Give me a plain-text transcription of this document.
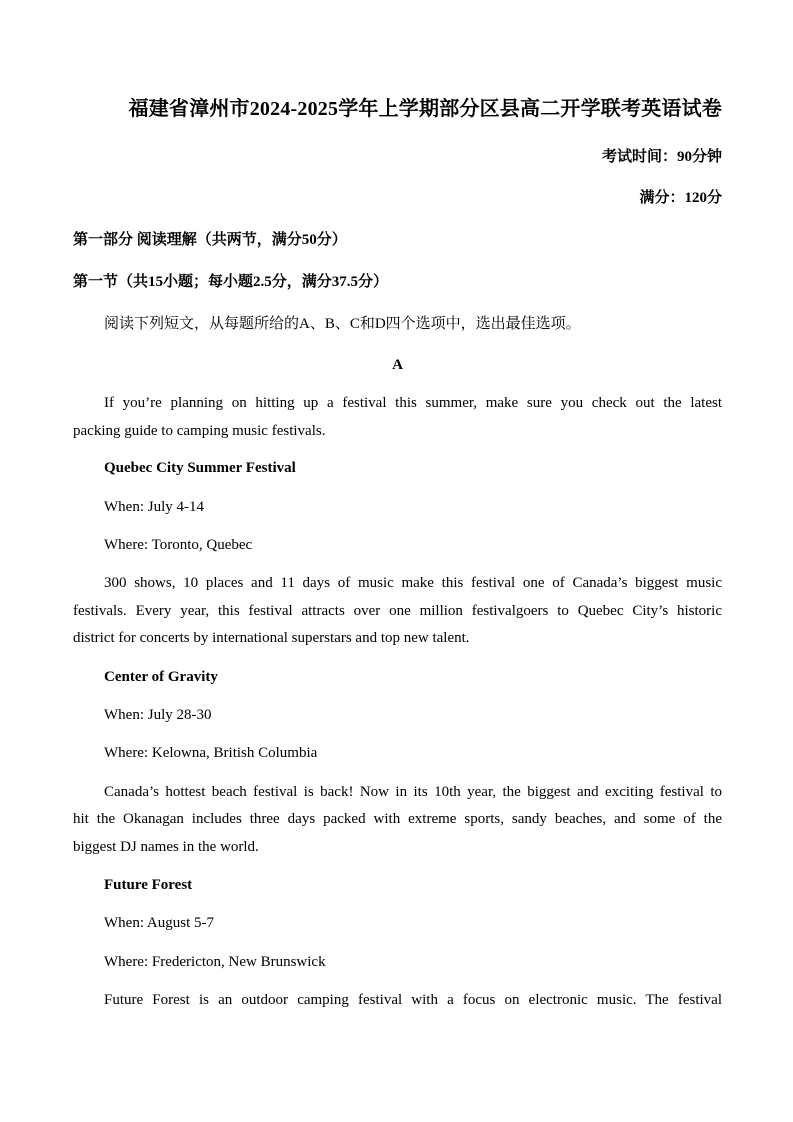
福建省漳州市2024-2025学年上学期部分区县高二开学联考英语试卷
考试时间：90分钟
满分：120分
第一部分 阅读理解（共两节，满分50分）
第一节（共15小题；每小题2.5分，满分37.5分）
阅读下列短文，从每题所给的A、B、C和D四个选项中，选出最佳选项。
A
If you’re planning on hitting up a festival this summer, make sure you check out the latest
packing guide to camping music festivals.
Quebec City Summer Festival
When: July 4-14
Where: Toronto, Quebec
300 shows, 10 places and 11 days of music make this festival one of Canada’s biggest music
festivals. Every year, this festival attracts over one million festivalgoers to Quebec City’s historic
district for concerts by international superstars and top new talent.
Center of Gravity
When: July 28-30
Where: Kelowna, British Columbia
Canada’s hottest beach festival is back! Now in its 10th year, the biggest and exciting festival to
hit the Okanagan includes three days packed with extreme sports, sandy beaches, and some of the
biggest DJ names in the world.
Future Forest
When: August 5-7
Where: Fredericton, New Brunswick
Future Forest is an outdoor camping festival with a focus on electronic music. The festival
